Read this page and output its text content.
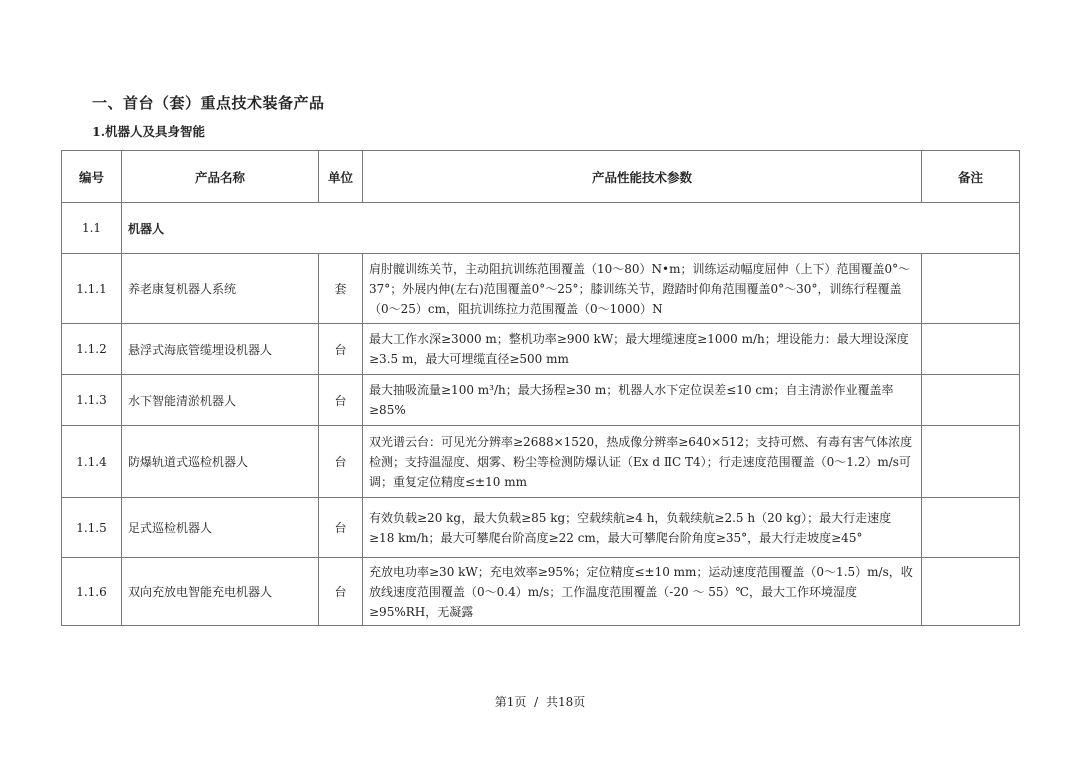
一、首台（套）重点技术装备产品
1.机器人及具身智能
编号	产品名称	单位	产品性能技术参数	备注
1.1	机器人			
1.1.1	养老康复机器人系统	套	肩肘髋训练关节，主动阻抗训练范围覆盖（10～80）N•m；训练运动幅度屈伸（上下）范围覆盖0°～37°；外展内伸(左右)范围覆盖0°～25°；膝训练关节，蹬踏时仰角范围覆盖0°～30°，训练行程覆盖（0～25）cm，阻抗训练拉力范围覆盖（0～1000）N	
1.1.2	悬浮式海底管缆埋设机器人	台	最大工作水深≥3000 m；整机功率≥900 kW；最大埋缆速度≥1000 m/h；埋设能力：最大埋设深度≥3.5 m，最大可埋缆直径≥500 mm	
1.1.3	水下智能清淤机器人	台	最大抽吸流量≥100 m³/h；最大扬程≥30 m；机器人水下定位误差≤10 cm；自主清淤作业覆盖率≥85%	
1.1.4	防爆轨道式巡检机器人	台	双光谱云台：可见光分辨率≥2688×1520，热成像分辨率≥640×512；支持可燃、有毒有害气体浓度检测；支持温湿度、烟雾、粉尘等检测防爆认证（Ex d ⅡC T4）；行走速度范围覆盖（0～1.2）m/s可调；重复定位精度≤±10 mm	
1.1.5	足式巡检机器人	台	有效负载≥20 kg，最大负载≥85 kg；空载续航≥4 h，负载续航≥2.5 h（20 kg）；最大行走速度≥18 km/h；最大可攀爬台阶高度≥22 cm，最大可攀爬台阶角度≥35°，最大行走坡度≥45°	
1.1.6	双向充放电智能充电机器人	台	充放电功率≥30 kW；充电效率≥95%；定位精度≤±10 mm；运动速度范围覆盖（0～1.5）m/s，收放线速度范围覆盖（0～0.4）m/s；工作温度范围覆盖（-20 ～ 55）℃，最大工作环境湿度≥95%RH，无凝露	
第1页 / 共18页
